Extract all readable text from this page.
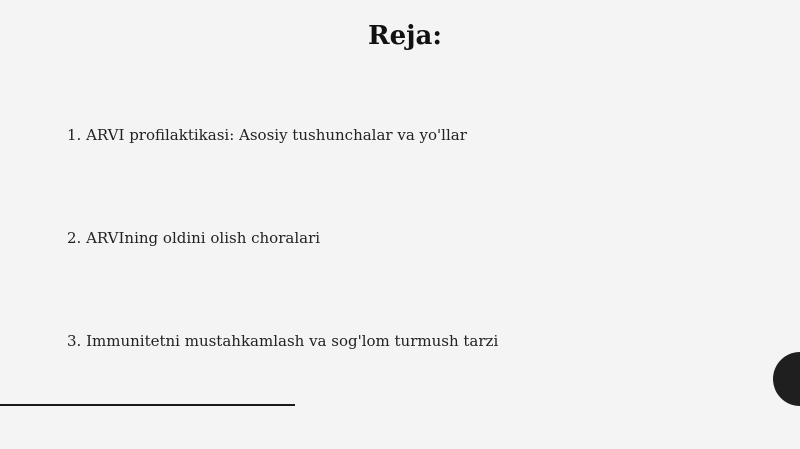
Reja:
1. ARVI profilaktikasi: Asosiy tushunchalar va yo'llar
2. ARVIning oldini olish choralari
3. Immunitetni mustahkamlash va sog'lom turmush tarzi
